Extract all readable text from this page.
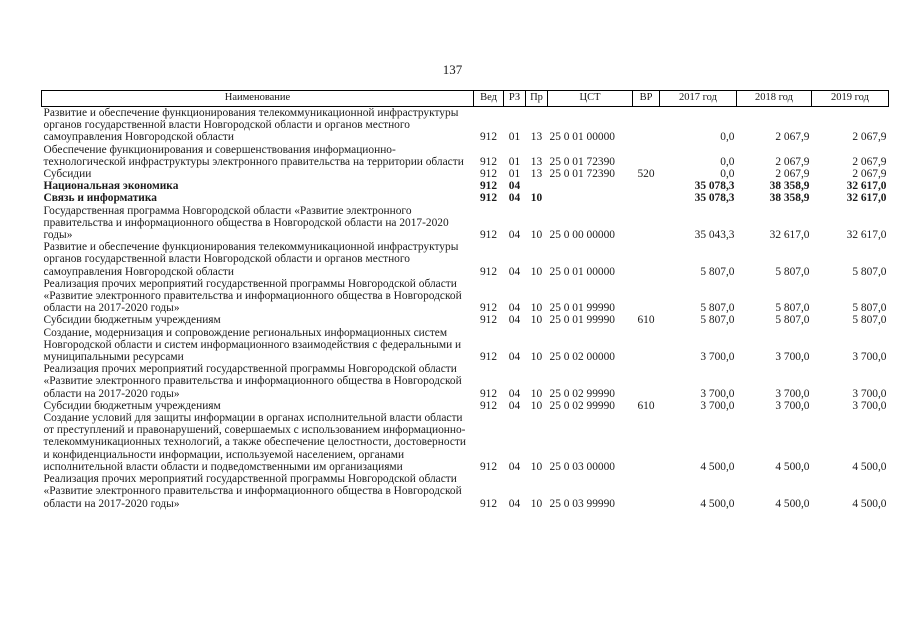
137
Наименование	Вед	РЗ	Пр	ЦСТ	ВР	2017 год	2018 год	2019 год
Развитие и обеспечение функционирования телекоммуникационной инфраструктуры органов государственной власти Новгородской области и органов местного самоуправления Новгородской области	912	01	13	25 0 01 00000		0,0	2 067,9	2 067,9
Обеспечение функционирования и совершенствования информационно- технологической инфраструктуры электронного правительства на территории области	912	01	13	25 0 01 72390		0,0	2 067,9	2 067,9
Субсидии	912	01	13	25 0 01 72390	520	0,0	2 067,9	2 067,9
Национальная экономика	912	04				35 078,3	38 358,9	32 617,0
Связь и информатика	912	04	10			35 078,3	38 358,9	32 617,0
Государственная программа Новгородской области «Развитие электронного правительства и информационного общества в Новгородской области на 2017-2020 годы»	912	04	10	25 0 00 00000		35 043,3	32 617,0	32 617,0
Развитие и обеспечение функционирования телекоммуникационной инфраструктуры органов государственной власти Новгородской области и органов местного самоуправления Новгородской области	912	04	10	25 0 01 00000		5 807,0	5 807,0	5 807,0
Реализация прочих мероприятий государственной программы Новгородской области «Развитие электронного правительства и информационного общества в Новгородской области на 2017-2020 годы»	912	04	10	25 0 01 99990		5 807,0	5 807,0	5 807,0
Субсидии бюджетным учреждениям	912	04	10	25 0 01 99990	610	5 807,0	5 807,0	5 807,0
Создание, модернизация и сопровождение региональных информационных систем Новгородской области и систем информационного взаимодействия с федеральными и муниципальными ресурсами	912	04	10	25 0 02 00000		3 700,0	3 700,0	3 700,0
Реализация прочих мероприятий государственной программы Новгородской области «Развитие электронного правительства и информационного общества в Новгородской области на 2017-2020 годы»	912	04	10	25 0 02 99990		3 700,0	3 700,0	3 700,0
Субсидии бюджетным учреждениям	912	04	10	25 0 02 99990	610	3 700,0	3 700,0	3 700,0
Создание условий для защиты информации в органах исполнительной власти области от преступлений и правонарушений, совершаемых с использованием информационно-телекоммуникационных технологий, а также обеспечение целостности, достоверности и конфиденциальности информации, используемой населением, органами исполнительной власти области и подведомственными им организациями	912	04	10	25 0 03 00000		4 500,0	4 500,0	4 500,0
Реализация прочих мероприятий государственной программы Новгородской области «Развитие электронного правительства и информационного общества в Новгородской области на 2017-2020 годы»	912	04	10	25 0 03 99990		4 500,0	4 500,0	4 500,0
